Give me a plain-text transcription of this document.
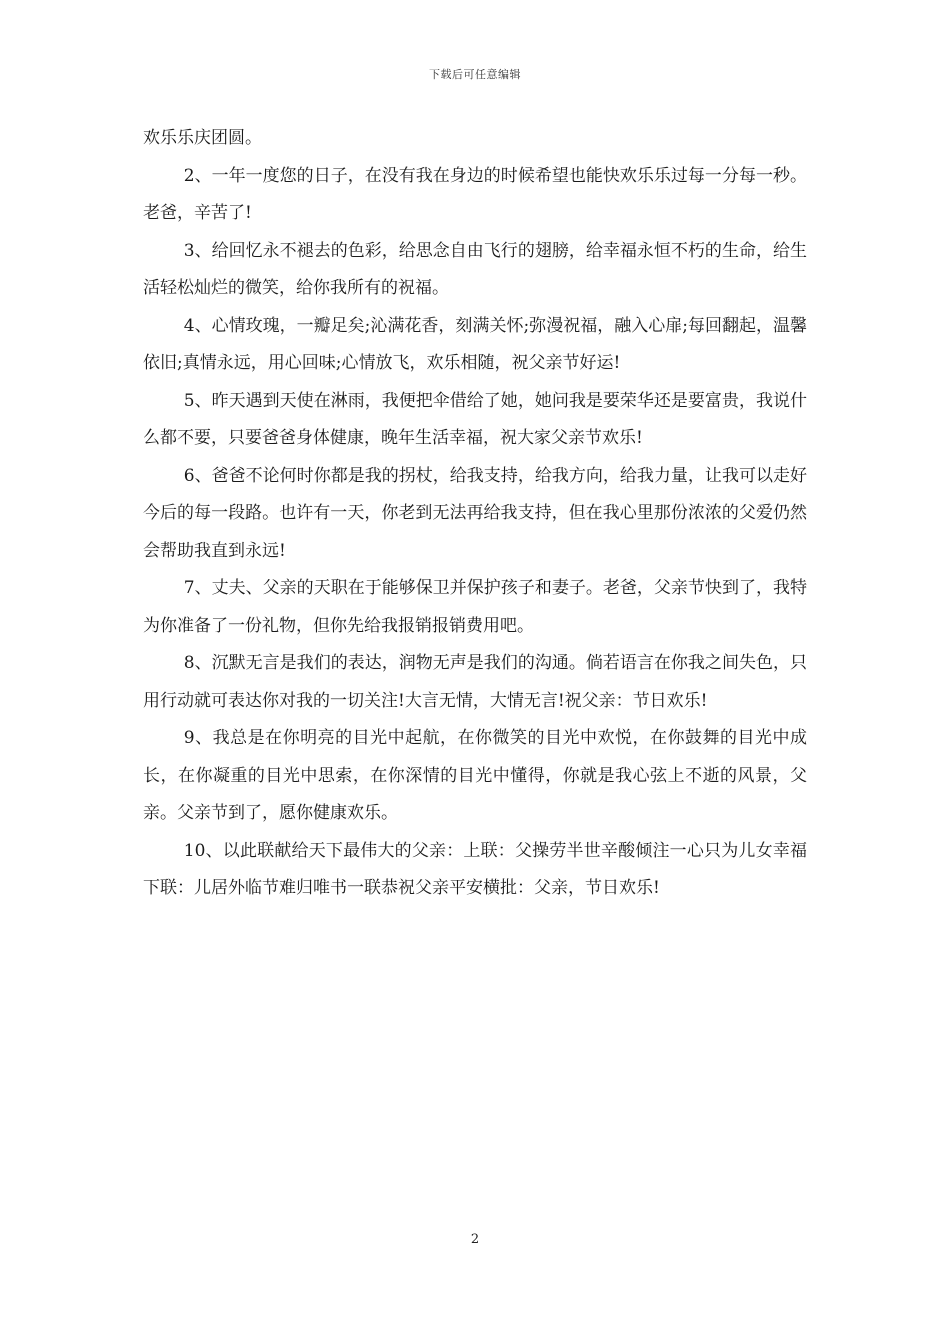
下载后可任意编辑

欢乐乐庆团圆。

2、一年一度您的日子，在没有我在身边的时候希望也能快欢乐乐过每一分每一秒。老爸，辛苦了!

3、给回忆永不褪去的色彩，给思念自由飞行的翅膀，给幸福永恒不朽的生命，给生活轻松灿烂的微笑，给你我所有的祝福。

4、心情玫瑰，一瓣足矣;沁满花香，刻满关怀;弥漫祝福，融入心扉;每回翻起，温馨依旧;真情永远，用心回味;心情放飞，欢乐相随，祝父亲节好运!

5、昨天遇到天使在淋雨，我便把伞借给了她，她问我是要荣华还是要富贵，我说什么都不要，只要爸爸身体健康，晚年生活幸福，祝大家父亲节欢乐!

6、爸爸不论何时你都是我的拐杖，给我支持，给我方向，给我力量，让我可以走好今后的每一段路。也许有一天，你老到无法再给我支持，但在我心里那份浓浓的父爱仍然会帮助我直到永远!

7、丈夫、父亲的天职在于能够保卫并保护孩子和妻子。老爸，父亲节快到了，我特为你准备了一份礼物，但你先给我报销报销费用吧。

8、沉默无言是我们的表达，润物无声是我们的沟通。倘若语言在你我之间失色，只用行动就可表达你对我的一切关注!大言无情，大情无言!祝父亲：节日欢乐!

9、我总是在你明亮的目光中起航，在你微笑的目光中欢悦，在你鼓舞的目光中成长，在你凝重的目光中思索，在你深情的目光中懂得，你就是我心弦上不逝的风景，父亲。父亲节到了，愿你健康欢乐。

10、以此联献给天下最伟大的父亲：上联：父操劳半世辛酸倾注一心只为儿女幸福下联：儿居外临节难归唯书一联恭祝父亲平安横批：父亲，节日欢乐!

2
